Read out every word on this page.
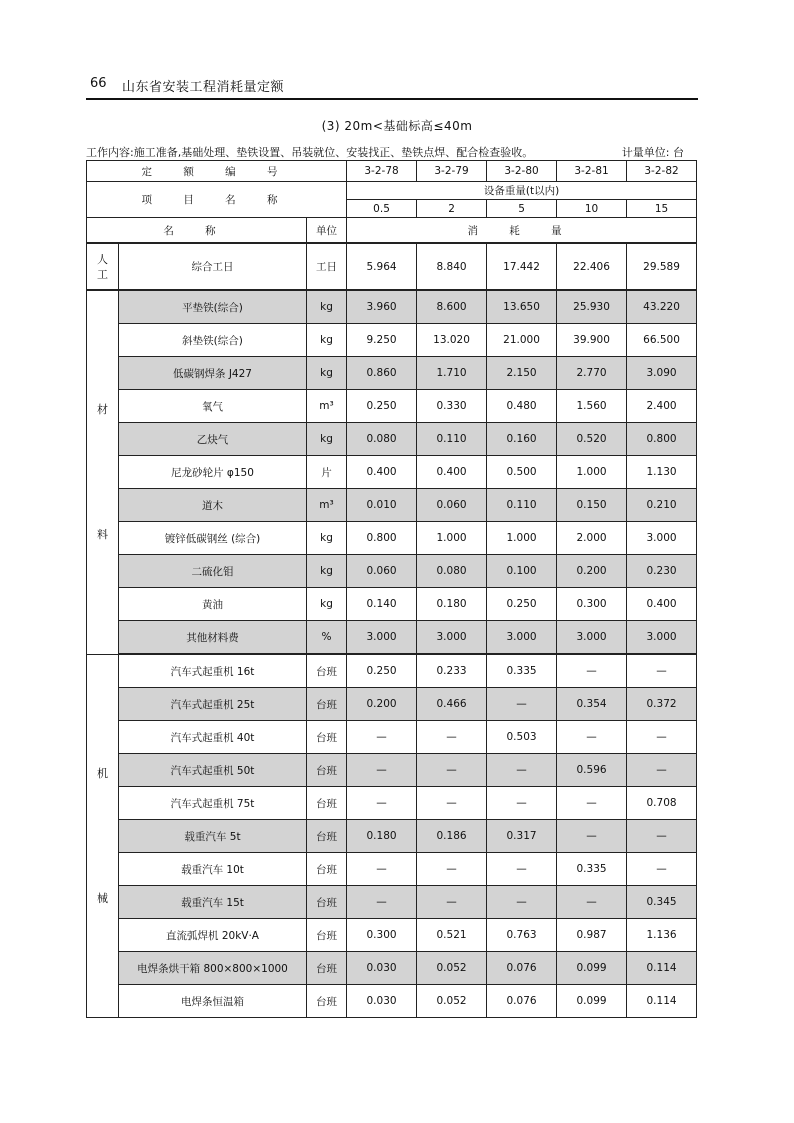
66 山东省安装工程消耗量定额
(3) 20m<基础标高≤40m
工作内容:施工准备,基础处理、垫铁设置、吊装就位、安装找正、垫铁点焊、配合检查验收。	计量单位: 台
定 额 编 号			3-2-78	3-2-79	3-2-80	3-2-81	3-2-82
项 目 名 称			设备重量(t以内)				
			0.5	2	5	10	15
名 称		单位	消 耗 量				

人工	综合工日	工日	5.964	8.840	17.442	22.406	29.589

材
料	平垫铁(综合)	kg	3.960	8.600	13.650	25.930	43.220
	斜垫铁(综合)	kg	9.250	13.020	21.000	39.900	66.500
	低碳钢焊条 J427	kg	0.860	1.710	2.150	2.770	3.090
	氧气	m³	0.250	0.330	0.480	1.560	2.400
	乙炔气	kg	0.080	0.110	0.160	0.520	0.800
	尼龙砂轮片 φ150	片	0.400	0.400	0.500	1.000	1.130
	道木	m³	0.010	0.060	0.110	0.150	0.210
	镀锌低碳钢丝 (综合)	kg	0.800	1.000	1.000	2.000	3.000
	二硫化钼	kg	0.060	0.080	0.100	0.200	0.230
	黄油	kg	0.140	0.180	0.250	0.300	0.400
	其他材料费	%	3.000	3.000	3.000	3.000	3.000

机
械	汽车式起重机 16t	台班	0.250	0.233	0.335	—	—
	汽车式起重机 25t	台班	0.200	0.466	—	0.354	0.372
	汽车式起重机 40t	台班	—	—	0.503	—	—
	汽车式起重机 50t	台班	—	—	—	0.596	—
	汽车式起重机 75t	台班	—	—	—	—	0.708
	载重汽车 5t	台班	0.180	0.186	0.317	—	—
	载重汽车 10t	台班	—	—	—	0.335	—
	载重汽车 15t	台班	—	—	—	—	0.345
	直流弧焊机 20kV·A	台班	0.300	0.521	0.763	0.987	1.136
	电焊条烘干箱 800×800×1000	台班	0.030	0.052	0.076	0.099	0.114
	电焊条恒温箱	台班	0.030	0.052	0.076	0.099	0.114
